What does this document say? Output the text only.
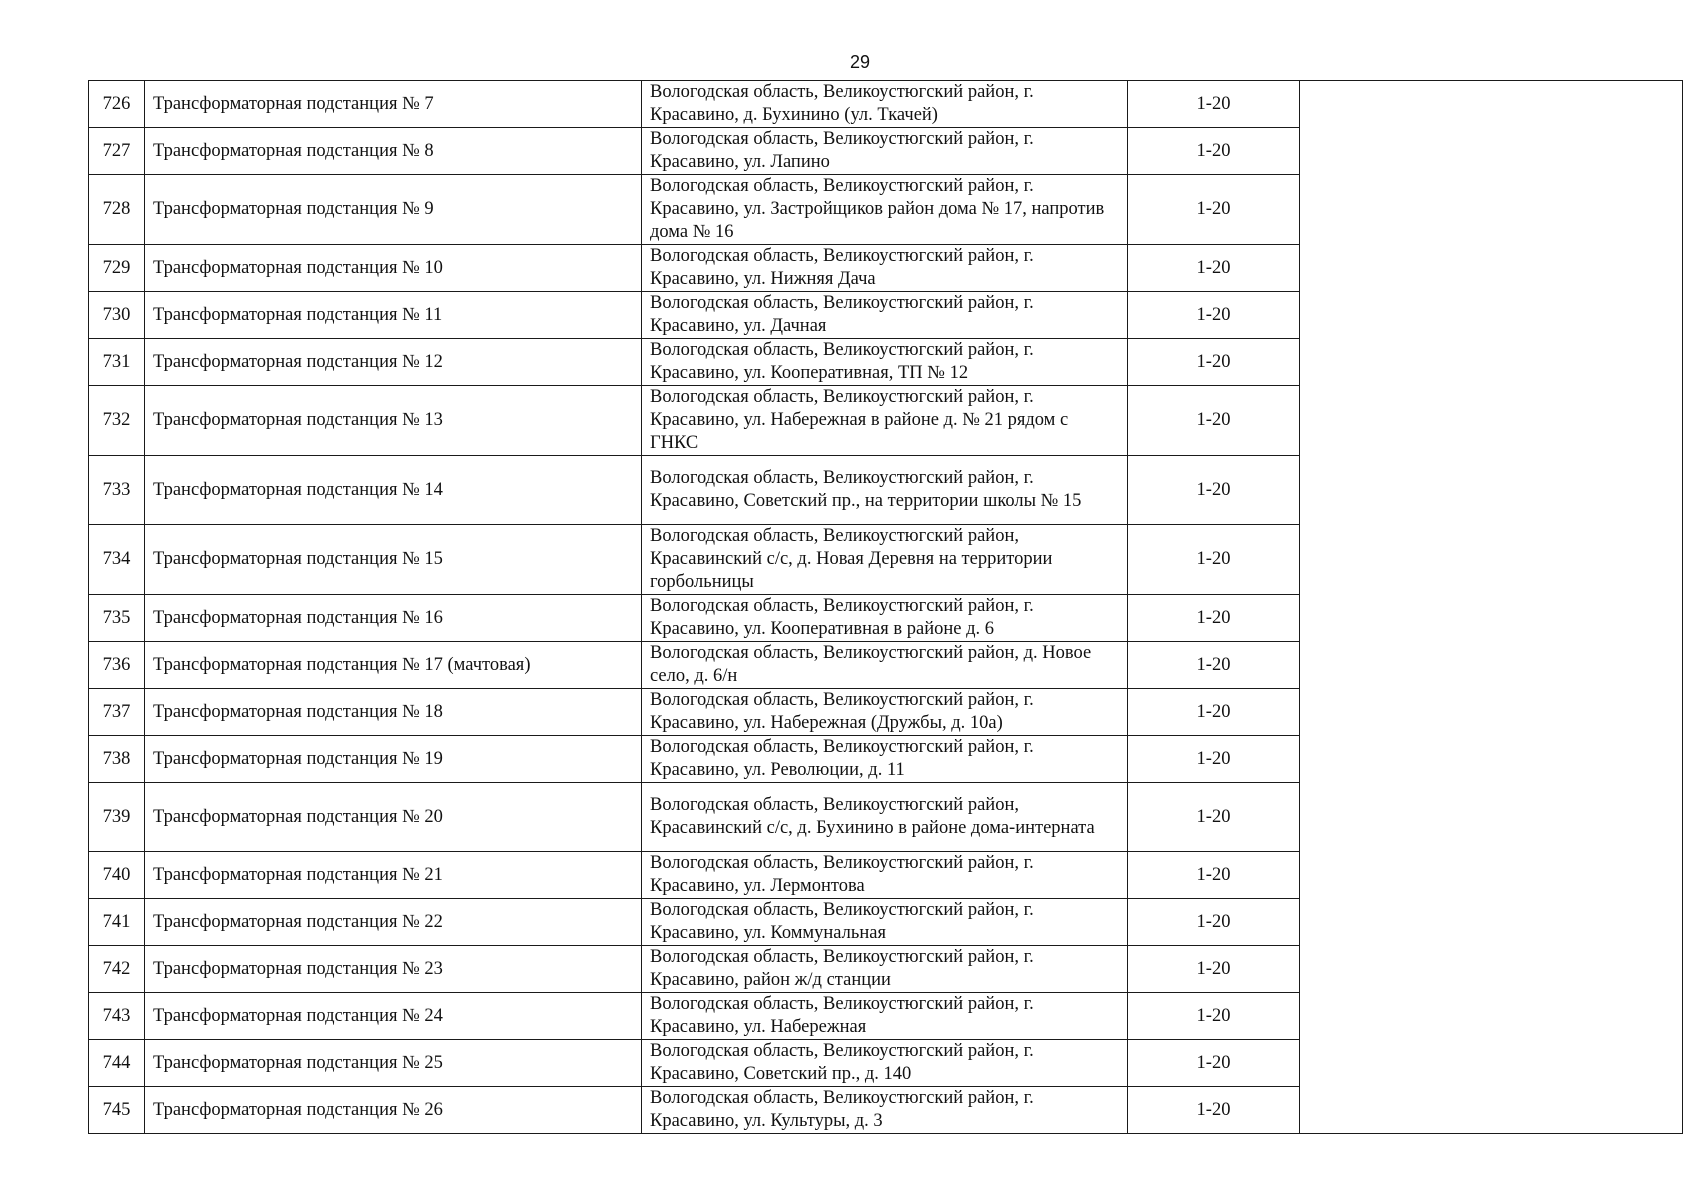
29
726	Трансформаторная подстанция № 7	Вологодская область, Великоустюгский район, г. Красавино, д. Бухинино (ул. Ткачей)	1-20	
727	Трансформаторная подстанция № 8	Вологодская область, Великоустюгский район, г. Красавино, ул. Лапино	1-20	
728	Трансформаторная подстанция № 9	Вологодская область, Великоустюгский район, г. Красавино, ул. Застройщиков район дома № 17, напротив дома № 16	1-20	
729	Трансформаторная подстанция № 10	Вологодская область, Великоустюгский район, г. Красавино, ул. Нижняя Дача	1-20	
730	Трансформаторная подстанция № 11	Вологодская область, Великоустюгский район, г. Красавино, ул. Дачная	1-20	
731	Трансформаторная подстанция № 12	Вологодская область, Великоустюгский район, г. Красавино, ул. Кооперативная, ТП № 12	1-20	
732	Трансформаторная подстанция № 13	Вологодская область, Великоустюгский район, г. Красавино, ул. Набережная в районе д. № 21 рядом с ГНКС	1-20	
733	Трансформаторная подстанция № 14	Вологодская область, Великоустюгский район, г. Красавино, Советский пр., на территории школы № 15	1-20	
734	Трансформаторная подстанция № 15	Вологодская область, Великоустюгский район, Красавинский с/с, д. Новая Деревня на территории горбольницы	1-20	
735	Трансформаторная подстанция № 16	Вологодская область, Великоустюгский район, г. Красавино, ул. Кооперативная в районе д. 6	1-20	
736	Трансформаторная подстанция № 17 (мачтовая)	Вологодская область, Великоустюгский район, д. Новое село, д. 6/н	1-20	
737	Трансформаторная подстанция № 18	Вологодская область, Великоустюгский район, г. Красавино, ул. Набережная (Дружбы, д. 10а)	1-20	
738	Трансформаторная подстанция № 19	Вологодская область, Великоустюгский район, г. Красавино, ул. Революции, д. 11	1-20	
739	Трансформаторная подстанция № 20	Вологодская область, Великоустюгский район, Красавинский с/с, д. Бухинино в районе дома-интерната	1-20	
740	Трансформаторная подстанция № 21	Вологодская область, Великоустюгский район, г. Красавино, ул. Лермонтова	1-20	
741	Трансформаторная подстанция № 22	Вологодская область, Великоустюгский район, г. Красавино, ул. Коммунальная	1-20	
742	Трансформаторная подстанция № 23	Вологодская область, Великоустюгский район, г. Красавино, район ж/д станции	1-20	
743	Трансформаторная подстанция № 24	Вологодская область, Великоустюгский район, г. Красавино, ул. Набережная	1-20	
744	Трансформаторная подстанция № 25	Вологодская область, Великоустюгский район, г. Красавино, Советский пр., д. 140	1-20	
745	Трансформаторная подстанция № 26	Вологодская область, Великоустюгский район, г. Красавино, ул. Культуры, д. 3	1-20	
